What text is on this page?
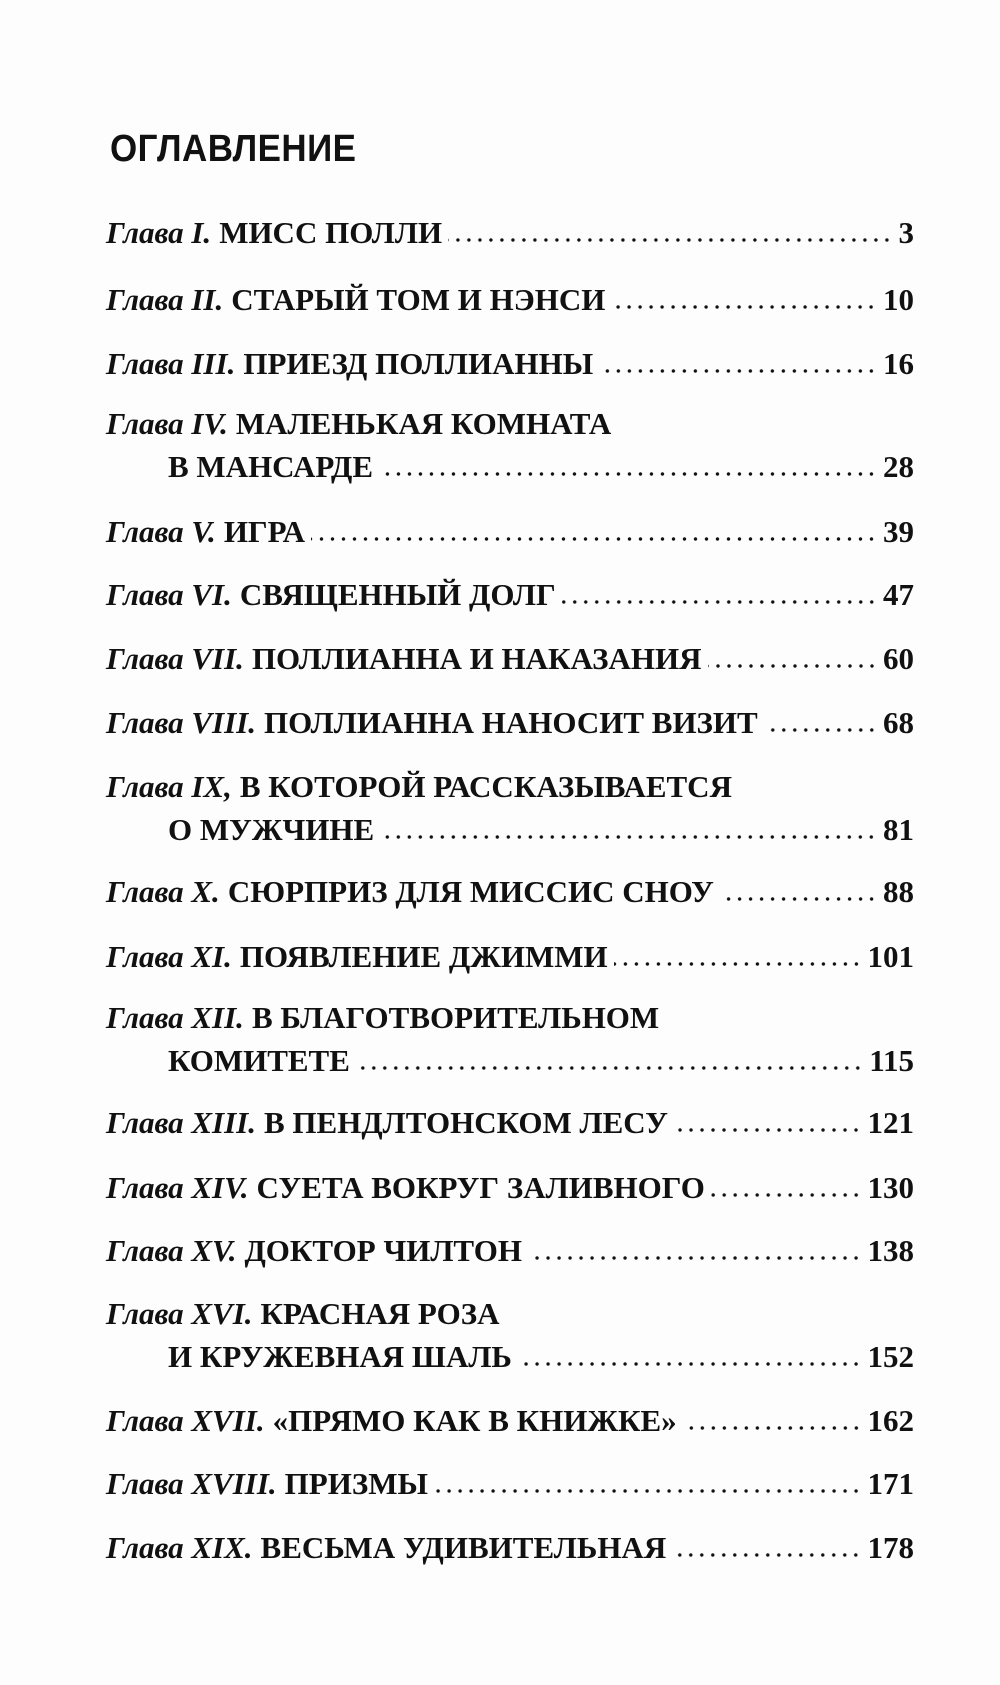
ОГЛАВЛЕНИЕ
Глава I. МИСС ПОЛЛИ	3
Глава II. СТАРЫЙ ТОМ И НЭНСИ	10
Глава III. ПРИЕЗД ПОЛЛИАННЫ	16
Глава IV. МАЛЕНЬКАЯ КОМНАТА
В МАНСАРДЕ	28
Глава V. ИГРА	39
Глава VI. СВЯЩЕННЫЙ ДОЛГ	47
Глава VII. ПОЛЛИАННА И НАКАЗАНИЯ	60
Глава VIII. ПОЛЛИАННА НАНОСИТ ВИЗИТ	68
Глава IX, В КОТОРОЙ РАССКАЗЫВАЕТСЯ
О МУЖЧИНЕ	81
Глава X. СЮРПРИЗ ДЛЯ МИССИС СНОУ	88
Глава XI. ПОЯВЛЕНИЕ ДЖИММИ	101
Глава XII. В БЛАГОТВОРИТЕЛЬНОМ
КОМИТЕТЕ	115
Глава XIII. В ПЕНДЛТОНСКОМ ЛЕСУ	121
Глава XIV. СУЕТА ВОКРУГ ЗАЛИВНОГО	130
Глава XV. ДОКТОР ЧИЛТОН	138
Глава XVI. КРАСНАЯ РОЗА
И КРУЖЕВНАЯ ШАЛЬ	152
Глава XVII. «ПРЯМО КАК В КНИЖКЕ»	162
Глава XVIII. ПРИЗМЫ	171
Глава XIX. ВЕСЬМА УДИВИТЕЛЬНАЯ	178
